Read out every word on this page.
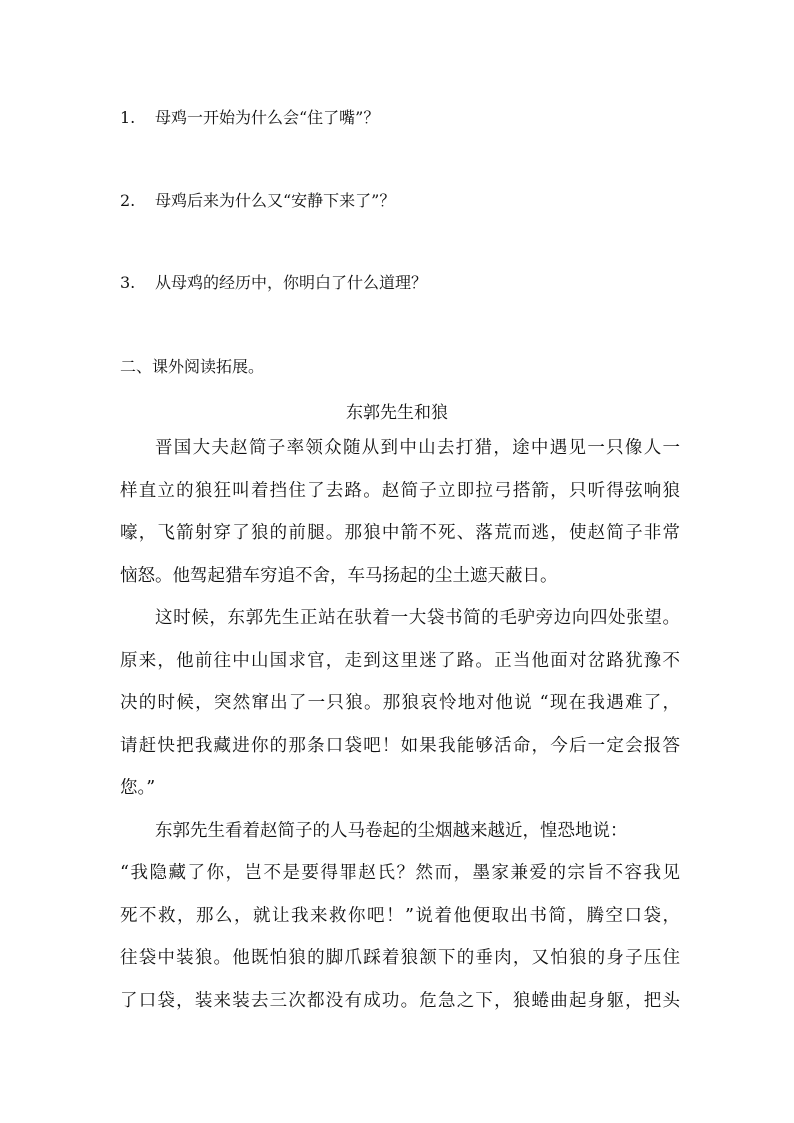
1. 母鸡一开始为什么会“住了嘴”？
2. 母鸡后来为什么又“安静下来了”？
3. 从母鸡的经历中，你明白了什么道理？
二、课外阅读拓展。
东郭先生和狼
晋国大夫赵简子率领众随从到中山去打猎，途中遇见一只像人一
样直立的狼狂叫着挡住了去路。赵简子立即拉弓搭箭，只听得弦响狼
嚎，飞箭射穿了狼的前腿。那狼中箭不死、落荒而逃，使赵简子非常
恼怒。他驾起猎车穷追不舍，车马扬起的尘土遮天蔽日。
这时候，东郭先生正站在驮着一大袋书简的毛驴旁边向四处张望。
原来，他前往中山国求官，走到这里迷了路。正当他面对岔路犹豫不
决的时候，突然窜出了一只狼。那狼哀怜地对他说 “现在我遇难了，
请赶快把我藏进你的那条口袋吧！如果我能够活命，今后一定会报答
您。”
东郭先生看着赵简子的人马卷起的尘烟越来越近，惶恐地说：
“我隐藏了你，岂不是要得罪赵氏？然而，墨家兼爱的宗旨不容我见
死不救，那么，就让我来救你吧！”说着他便取出书简，腾空口袋，
往袋中装狼。他既怕狼的脚爪踩着狼颔下的垂肉，又怕狼的身子压住
了口袋，装来装去三次都没有成功。危急之下，狼蜷曲起身躯，把头
